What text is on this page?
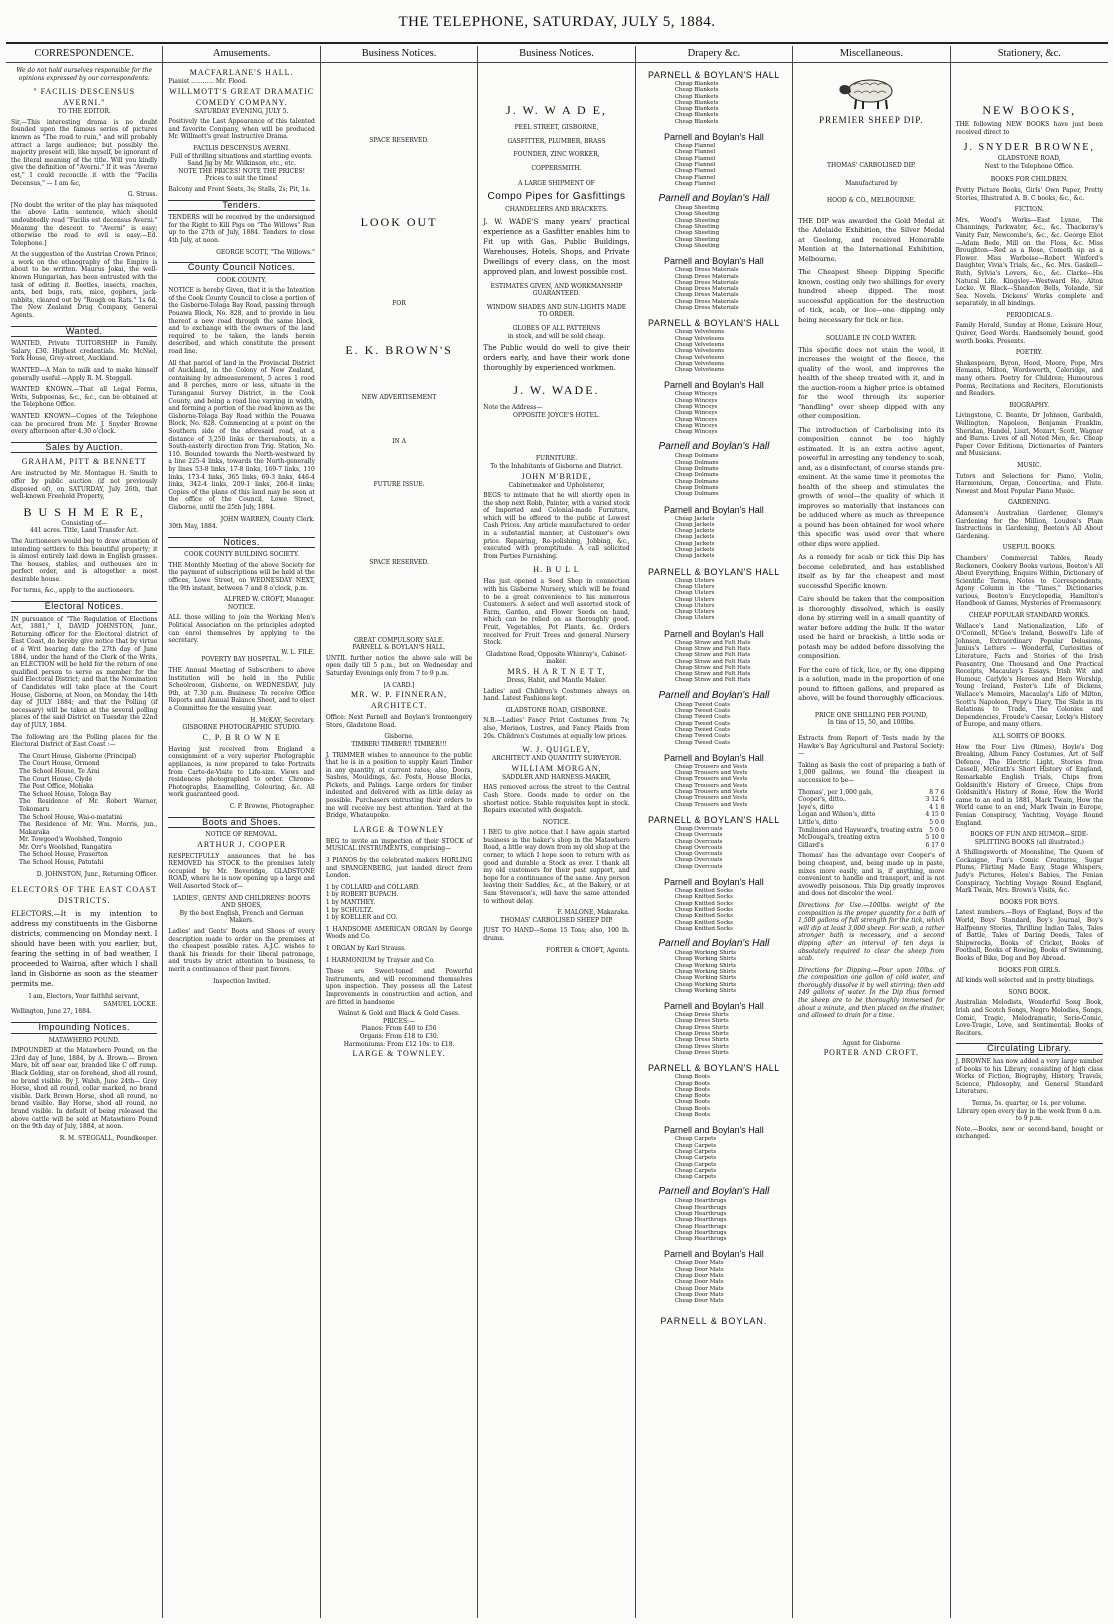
THE TELEPHONE, SATURDAY, JULY 5, 1884.
CORRESPONDENCE.
We do not hold ourselves responsible for the opinions expressed by our correspondents.
" FACILIS DESCENSUS AVERNI."
TO THE EDITOR.
Sir,—This interesting drama is no doubt founded upon the famous series of pictures known as "The road to ruin," and will probably attract a large audience; but possibly the majority present will, like myself, be ignorant of the literal meaning of the title. Will you kindly give the definition of "Averni." If it was "Averno est," I could reconcile it with the "Facilis Decensus," — I am &c,
G. Struss.
[No doubt the writer of the play has misquoted the above Latin sentence, which should undoubtedly read "Facilis est decensus Averni." Meaning the descent to "Averni" is easy; otherwise the road to evil is easy.—Ed. Telephone.]
At the suggestion of the Austrian Crown Prince, a work on the ethnography of the Empire is about to be written. Maurus Jokai, the well-known Hungarian, has been entrusted with the task of editing it. Beetles, insects, roaches, ants, bed bugs, rats, mice, gophers, jack-rabbits, cleared out by "Rough on Rats." 1s 6d. The New Zealand Drug Company, General Agents.
Wanted.
WANTED, Private TUITORSHIP in Family. Salary, £30. Highest credentials. Mr. McNiel, York House, Grey-street, Auckland.
WANTED—A Man to milk and to make himself generally useful.—Apply R. M. Steggall.
WANTED KNOWN.—That all Legal Forms, Writs, Subpoenas, &c., &c., can be obtained at the Telephone Office.
WANTED KNOWN—Copies of the Telephone can be procured from Mr. J. Snyder Browne every afternoon after 4.30 o'clock.
Sales by Auction.
GRAHAM, PITT & BENNETT
Are instructed by Mr. Montague H. Smith to offer by public auction (if not previously disposed of), on SATURDAY, July 26th, that well-known Freehold Property,
B U S H M E R E,
Consisting of—
441 acres. Title, Land Transfer Act.
The Auctioneers would beg to draw attention of intending settlers to this beautiful property; it is almost entirely laid down in English grasses. The houses, stables, and outhouses are in perfect order, and is altogether a most desirable house.
For terms, &c., apply to the auctioneers.
Electoral Notices.
IN pursuance of "The Regulation of Elections Act, 1881," I, DAVID JOHNSTON, Junr., Returning officer for the Electoral district of East Coast, do hereby give notice that by virtue of a Writ bearing date the 27th day of June 1884, under the hand of the Clerk of the Writs, an ELECTION will be held for the return of one qualified person to serve as member for the said Electoral District; and that the Nomination of Candidates will take place at the Court House, Gisborne, at Noon, on Monday, the 14th day of JULY 1884; and that the Polling (if necessary) will be taken at the several polling places of the said District on Tuesday the 22nd day of JULY, 1884.
The following are the Polling places for the Electoral District of East Coast :—
The Court House, Gisborne (Principal)
The Court House, Ormond
The School House, Te Arai
The Court House, Clyde
The Post Office, Mohaka
The School House, Tologa Bay
The Residence of Mr. Robert Warner, Tokomaru
The School House, Wai-o-matatini
The Residence of Mr. Wm. Morris, jun., Makaraka
Mr. Towgood's Woolshed, Tongoio
Mr. Orr's Woolshed, Rangatira
The School House, Fraserton
The School House, Patutahi
D. JOHNSTON, Junr., Returning Officer.
ELECTORS OF THE EAST COAST DISTRICTS.
ELECTORS,—It is my intention to address my constituents in the Gisborne districts, commencing on Monday next. I should have been with you earlier, but, fearing the setting in of bad weather, I proceeded to Wairoa, after which I shall land in Gisborne as soon as the steamer permits me.
I am, Electors, Your faithful servant,
SAMUEL LOCKE.
Wellington, June 27, 1884.
Impounding Notices.
MATAWHERO POUND.
IMPOUNDED at the Matawhero Pound, on the 23rd day of June, 1884, by A. Brown.— Brown Mare, bit off near ear, branded like C off rump. Black Gelding, star on forehead, shod all round, no brand visible. By J. Walsh, June 24th— Grey Horse, shod all round, collar marked, no brand visible. Dark Brown Horse, shod all round, no brand visible. Bay Horse, shod all round, no brand visible. In default of being released the above cattle will be sold at Matawhero Pound on the 9th day of July, 1884, at noon.
R. M. STEGGALL, Poundkeeper.
Amusements.
MACFARLANE'S HALL.
Pianist ............ Mr. Flood.
WILLMOTT'S GREAT DRAMATIC COMEDY COMPANY.
SATURDAY EVENING, JULY 5.
Positively the Last Appearance of this talented and favorite Company, when will be produced Mr. Willmott's great Instructive Drama.
FACILIS DESCENSUS AVERNI.
Full of thrilling situations and startling events.
Sand Jig by Mr. Wilkinson, etc., etc.
NOTE THE PRICES! NOTE THE PRICES!
Prices to suit the times!
Balcony and Front Seats, 3s; Stalls, 2s; Pit, 1s.
Tenders.
TENDERS will be received by the undersigned for the Right to Kill Pigs on "The Willows" Run up to the 27th of July, 1884. Tenders to close 4th July, at noon.
GEORGE SCOTT, "The Willows."
County Council Notices.
COOK COUNTY.
NOTICE is hereby Given, that it is the Intention of the Cook County Council to close a portion of the Gisborne-Tolaga Bay Road, passing through Pouawa Block, No. 828, and to provide in lieu thereof a new road through the same block, and to exchange with the owners of the land required to be taken, the lands herein described, and which constitute the present road line.
All that parcel of land in the Provincial District of Auckland, in the Colony of New Zealand, containing by admeasurement, 5 acres 1 rood and 8 perches, more or less, situate in the Turanganui Survey District, in the Cook County, and being a road line varying in width, and forming a portion of the road known as the Gisborne-Tolaga Bay Road within the Pouawa Block, No. 828. Commencing at a point on the Southern side of the aforesaid road, at a distance of 3,250 links or thereabouts, in a South-easterly direction from Trig. Station, No. 110. Bounded towards the North-westward by a line 225-4 links, towards the North-generally by lines 53-8 links, 17-8 links, 169-7 links, 110 links, 173-4 links, 365 links, 69-3 links, 446-4 links, 342-4 links, 209-1 links, 266-8 links; Copies of the plans of this land may be seen at the office of the Council, Lowe Street, Gisborne, until the 25th July, 1884.
JOHN WARREN, County Clerk.
30th May, 1884.
Notices.
COOK COUNTY BUILDING SOCIETY.
THE Monthly Meeting of the above Society for the payment of subscriptions will be held at the offices, Lowe Street, on WEDNESDAY NEXT, the 9th instant, between 7 and 8 o'clock, p.m.
ALFRED W. CROFT, Manager.
NOTICE.
ALL those willing to join the Working Men's Political Association on the principles adopted can enrol themselves by applying to the secretary.
W. L. FILE.
POVERTY BAY HOSPITAL.
THE Annual Meeting of Subscribers to above Institution will be held in the Public Schoolroom, Gisborne, on WEDNESDAY, July 9th, at 7.30 p.m. Business: To receive Office Reports and Annual Balance Sheet, and to elect a Committee for the ensuing year.
H. McKAY, Secretary.
GISBORNE PHOTOGRAPHIC STUDIO.
C. P. B R O W N E
Having just received from England a consignment of a very superior Photographic appliances, is now prepared to take Portraits from Carte-de-Visite to Life-size. Views and residences photographed to order. Chromo-Photographs, Enamelling, Colouring, &c. All work guaranteed good.
C. P. Browne, Photographer.
Boots and Shoes.
NOTICE OF REMOVAL.
ARTHUR J. COOPER
RESPECTFULLY announces that he has REMOVED his STOCK to the premises lately occupied by Mr. Beveridge, GLADSTONE ROAD, where he is now opening up a large and Well Assorted Stock of—
LADIES', GENTS' AND CHILDRENS' BOOTS AND SHOES,
By the best English, French and German Makers.
Ladies' and Gents' Boots and Shoes of every description made to order on the premises at the cheapest possible rates. A.J.C. wishes to thank his friends for their liberal patronage, and trusts by strict attention to business, to merit a continuance of their past favors.
Inspection Invited.
Business Notices.
SPACE RESERVED.
LOOK OUT
FOR
E. K. BROWN'S
NEW ADVERTISEMENT
IN A
FUTURE ISSUE.
SPACE RESERVED.
GREAT COMPULSORY SALE.
PARNELL & BOYLAN'S HALL.
UNTIL further notice the above sale will be open daily till 5 p.m., but on Wednesday and Saturday Evenings only from 7 to 9 p.m.
[A CARD.]
MR. W. P. FINNERAN, ARCHITECT.
Office: Next Parnell and Boylan's Ironmongery Store, Gladstone Road.
Gisborne.
TIMBER! TIMBER!! TIMBER!!!
J. TRIMMER wishes to announce to the public that he is in a position to supply Kauri Timber in any quantity, at current rates; also, Doors, Sashes, Mouldings, &c. Posts, House Blocks, Pickets, and Palings. Large orders for timber indented and delivered with as little delay as possible. Purchasers entrusting their orders to me will receive my best attention. Yard at the Bridge, Whataupoko.
LARGE & TOWNLEY
BEG to invite an inspection of their STOCK of MUSICAL INSTRUMENTS, comprising—
3 PIANOS by the celebrated makers HORLING and SPANGENBERG, just landed direct from London.
1 by COLLARD and COLLARD.
1 by ROBERT BUPACH.
1 by MANTHEY.
1 by SCHULTZ.
1 by KOELLER and CO.
1 HANDSOME AMERICAN ORGAN by George Woods and Co.
1 ORGAN by Karl Strauss.
1 HARMONIUM by Trayser and Co.
These are Sweet-toned and Powerful Instruments, and will recommend themselves upon inspection. They possess all the Latest Improvements in construction and action, and are fitted in handsome
Walnut & Gold and Black & Gold Cases.
PRICES:—
Pianos: From £40 to £56
Organs: From £18 to £30.
Harmoniums: From £12 10s. to £18.
LARGE & TOWNLEY.
Business Notices.
J. W. W A D E,
PEEL STREET, GISBORNE,
GASFITTER, PLUMBER, BRASS
FOUNDER, ZINC WORKER,
COPPERSMITH.
A LARGE SHIPMENT OF
Compo Pipes for Gasfittings
CHANDELIERS AND BRACKETS.
J. W. WADE'S many years' practical experience as a Gasfitter enables him to Fit up with Gas, Public Buildings, Warehouses, Hotels, Shops, and Private Dwellings of every class, on the most approved plan, and lowest possible cost.
ESTIMATES GIVEN, AND WORKMANSHIP GUARANTEED.
WINDOW SHADES AND SUN-LIGHTS MADE TO ORDER.
GLOBES OF ALL PATTERNS
in stock, and will be sold cheap.
The Public would do well to give their orders early, and have their work done thoroughly by experienced workmen.
J. W. WADE.
Note the Address—
OPPOSITE JOYCE'S HOTEL.
FURNITURE.
To the Inhabitants of Gisborne and District.
JOHN M'BRIDE,
Cabinetmaker and Upholsterer,
BEGS to intimate that he will shortly open in the shop next Robb, Painter, with a varied stock of Imported and Colonial-made Furniture, which will be offered to the public at Lowest Cash Prices. Any article manufactured to order in a substantial manner, at Customer's own price. Repairing, Re-polishing, Jobbing, &c., executed with promptitude. A call solicited from Parties Furnishing.
H. B U L L
Has just opened a Seed Shop in connection with his Gisborne Nursery, which will be found to be a great convenience to his numerous Customers. A select and well assorted stock of Farm, Garden, and Flower Seeds on hand, which can be relied on as thoroughly good. Fruit, Vegetables, Pot Plants, &c. Orders received for Fruit Trees and general Nursery Stock.
Gladstone Road, Opposite Whinray's, Cabinet-maker.
MRS. H A R T N E T T,
Dress, Habit, and Mantle Maker.
Ladies' and Children's Costumes always on hand. Latest Fashions kept.
GLADSTONE ROAD, GISBORNE.
N.B.—Ladies' Fancy Print Costumes from 7s; also, Merinos, Lustres, and Fancy Plaids from 20s. Children's Costumes at equally low prices.
W. J. QUIGLEY,
ARCHITECT AND QUANTITY SURVEYOR.
WILLIAM MORGAN,
SADDLER AND HARNESS-MAKER,
HAS removed across the street to the Central Cash Store. Goods made to order on the shortest notice. Stable requisites kept in stock. Repairs executed with despatch.
NOTICE.
I BEG to give notice that I have again started business in the baker's shop in the Matawhero Road, a little way down from my old shop at the corner, to which I hope soon to return with as good and durable a Stock as ever. I thank all my old customers for their past support, and hope for a continuance of the same. Any person leaving their Saddles, &c., at the Bakery, or at Sam Stevenson's, will have the same attended to without delay.
F. MALONE, Makaraka.
THOMAS' CARBOLISED SHEEP DIP.
JUST TO HAND—Some 15 Tons; also, 100 lb. drums.
FORTER & CROFT, Agents.
Drapery &c.
PARNELL & BOYLAN'S HALL
Cheap Blankets
Cheap Blankets
Cheap Blankets
Cheap Blankets
Cheap Blankets
Cheap Blankets
Cheap Blankets
Parnell and Boylan's Hall
Cheap Flannel
Cheap Flannel
Cheap Flannel
Cheap Flannel
Cheap Flannel
Cheap Flannel
Cheap Flannel
Parnell and Boylan's Hall
Cheap Sheeting
Cheap Sheeting
Cheap Sheeting
Cheap Sheeting
Cheap Sheeting
Cheap Sheeting
Cheap Sheeting
Parnell and Boylan's Hall
Cheap Dress Materials
Cheap Dress Materials
Cheap Dress Materials
Cheap Dress Materials
Cheap Dress Materials
Cheap Dress Materials
Cheap Dress Materials
PARNELL & BOYLAN'S HALL
Cheap Velveteens
Cheap Velveteens
Cheap Velveteens
Cheap Velveteens
Cheap Velveteens
Cheap Velveteens
Cheap Velveteens
Parnell and Boylan's Hall
Cheap Winceys
Cheap Winceys
Cheap Winceys
Cheap Winceys
Cheap Winceys
Cheap Winceys
Cheap Winceys
Parnell and Boylan's Hall
Cheap Dolmans
Cheap Dolmans
Cheap Dolmans
Cheap Dolmans
Cheap Dolmans
Cheap Dolmans
Cheap Dolmans
Parnell and Boylan's Hall
Cheap Jackets
Cheap Jackets
Cheap Jackets
Cheap Jackets
Cheap Jackets
Cheap Jackets
Cheap Jackets
PARNELL & BOYLAN'S HALL
Cheap Ulsters
Cheap Ulsters
Cheap Ulsters
Cheap Ulsters
Cheap Ulsters
Cheap Ulsters
Cheap Ulsters
Parnell and Boylan's Hall
Cheap Straw and Felt Hats
Cheap Straw and Felt Hats
Cheap Straw and Felt Hats
Cheap Straw and Felt Hats
Cheap Straw and Felt Hats
Cheap Straw and Felt Hats
Cheap Straw and Felt Hats
Parnell and Boylan's Hall
Cheap Tweed Coats
Cheap Tweed Coats
Cheap Tweed Coats
Cheap Tweed Coats
Cheap Tweed Coats
Cheap Tweed Coats
Cheap Tweed Coats
Parnell and Boylan's Hall
Cheap Trousers and Vests
Cheap Trousers and Vests
Cheap Trousers and Vests
Cheap Trousers and Vests
Cheap Trousers and Vests
Cheap Trousers and Vests
Cheap Trousers and Vests
PARNELL & BOYLAN'S HALL
Cheap Overcoats
Cheap Overcoats
Cheap Overcoats
Cheap Overcoats
Cheap Overcoats
Cheap Overcoats
Cheap Overcoats
Parnell and Boylan's Hall
Cheap Knitted Socks
Cheap Knitted Socks
Cheap Knitted Socks
Cheap Knitted Socks
Cheap Knitted Socks
Cheap Knitted Socks
Cheap Knitted Socks
Parnell and Boylan's Hall
Cheap Working Shirts
Cheap Working Shirts
Cheap Working Shirts
Cheap Working Shirts
Cheap Working Shirts
Cheap Working Shirts
Cheap Working Shirts
Parnell and Boylan's Hall
Cheap Dress Shirts
Cheap Dress Shirts
Cheap Dress Shirts
Cheap Dress Shirts
Cheap Dress Shirts
Cheap Dress Shirts
Cheap Dress Shirts
PARNELL & BOYLAN'S HALL
Cheap Boots
Cheap Boots
Cheap Boots
Cheap Boots
Cheap Boots
Cheap Boots
Cheap Boots
Parnell and Boylan's Hall
Cheap Carpets
Cheap Carpets
Cheap Carpets
Cheap Carpets
Cheap Carpets
Cheap Carpets
Cheap Carpets
Parnell and Boylan's Hall
Cheap Hearthrugs
Cheap Hearthrugs
Cheap Hearthrugs
Cheap Hearthrugs
Cheap Hearthrugs
Cheap Hearthrugs
Cheap Hearthrugs
Parnell and Boylan's Hall
Cheap Door Mats
Cheap Door Mats
Cheap Door Mats
Cheap Door Mats
Cheap Door Mats
Cheap Door Mats
Cheap Door Mats
PARNELL & BOYLAN.
Miscellaneous.
PREMIER SHEEP DIP.
THOMAS' CARBOLISED DIP.
Manufactured by
HOOD & CO., MELBOURNE.
THE DIP was awarded the Gold Medal at the Adelaide Exhibition, the Silver Medal at Geelong, and received Honorable Mention at the International Exhibition, Melbourne.
The Cheapest Sheep Dipping Specific known, costing only two shillings for every hundred sheep dipped. The most successful application for the destruction of tick, scab, or lice—one dipping only being necessary for tick or lice.
SOLUABLE IN COLD WATER.
This specific does not stain the wool, it increases the weight of the fleece, the quality of the wool, and improves the health of the sheep treated with it, and in the auction-room a higher price is obtained for the wool through its superior "handling" over sheep dipped with any other composition.
The introduction of Carbolising into its composition cannot be too highly estimated. It is an extra active agent, powerful in arresting any tendency to scab, and, as a disinfectant, of course stands pre-eminent. At the same time it promotes the health of the sheep and stimulates the growth of wool—the quality of which it improves so materially that instances can be adduced where as much as threepence a pound has been obtained for wool where this specific was used over that where other dips were applied.
As a remedy for scab or tick this Dip has become celebrated, and has established itself as by far the cheapest and most successful Specific known.
Care should be taken that the composition is thoroughly dissolved, which is easily done by stirring well in a small quantity of water before adding the bulk. If the water used be hard or brackish, a little soda or potash may be added before dissolving the composition.
For the cure of tick, lice, or fly, one dipping is a solution, made in the proportion of one pound to fifteen gallons, and prepared as above, will be found thoroughly efficacious.
PRICE ONE SHILLING PER POUND,
In tins of 15, 50, and 100lbs.
Extracts from Report of Tests made by the Hawke's Bay Agricultural and Pastoral Society:—
Taking as basis the cost of preparing a bath of 1,000 gallons, we found the cheapest in succession to be—
Thomas', per 1,000 gals,	8 7 6
Cooper's, ditto..	3 12 6
Jeye's, ditto	4 1 8
Logan and Wilson's, ditto	4 15 0
Little's, ditto	5 0 0
Tomlinson and Hayward's, treating extra 5 0 0
McDougal's, treating extra	5 10 0
Gillard's	6 17 0
Thomas' has the advantage over Cooper's of being cheapest, and, being made up in paste, mixes more easily, and is, if anything, more convenient to handle and transport, and is not avowedly poisonous. This Dip greatly improves and does not discolor the wool.
Directions for Use.—100lbs. weight of the composition is the proper quantity for a bath of 1,500 gallons of full strength for the tick, which will dip at least 3,000 sheep. For scab, a rather stronger bath is necessary, and a second dipping after an interval of ten days is absolutely required to clear the sheep from scab.
Directions for Dipping.—Pour upon 10lbs. of the composition one gallon of cold water, and thoroughly dissolve it by well stirring; then add 149 gallons of water. In the Dip thus formed the sheep are to be thoroughly immersed for about a minute, and then placed on the drainer, and allowed to drain for a time.
Agent for Gisborne
PORTER AND CROFT.
Stationery, &c.
NEW BOOKS,
THE following NEW BOOKS have just been received direct to
J. SNYDER BROWNE,
GLADSTONE ROAD,
Next to the Telephone Office.
BOOKS FOR CHILDREN.
Pretty Picture Books, Girls' Own Paper, Pretty Stories, Illustrated A. B. C books, &c., &c.
FICTION.
Mrs. Wood's Works—East Lynne, The Channings, Parkwater, &c., &c. Thackeray's Vanity Fair, Newcombe's, &c., &c. George Eliot—Adam Bede, Mill on the Floss, &c. Miss Broughton—Red as a Rose, Cometh up as a Flower. Miss Warboise—Robert Winford's Daughter, Vivia's Trials, &c., &c. Mrs. Gaskell—Ruth, Sylvia's Lovers, &c., &c. Clarke—His Natural Life. Kingsley—Westward Ho, Alton Locke. W. Black—Shandon Bells, Yolande, Sir Sea. Novels. Dickens' Works complete and separately, in all bindings.
PERIODICALS.
Family Herald, Sunday at Home, Leisure Hour, Quiver, Good Words. Handsomely bound, good worth books. Presents.
POETRY.
Shakespeare, Byron, Hood, Moore, Pope, Mrs Hemans, Milton, Wordsworth, Coleridge, and many others. Poetry for Children; Humourous Poems, Recitations and Reciters, Elocutionists and Readers.
BIOGRAPHY.
Livingstone, C. Beante, Dr Johnson, Garibaldi, Wellington, Napoleon, Benjamin Franklin, Sheridan, Handel, Liszt, Mozart, Scott, Wagner and Burns. Lives of all Noted Men, &c. Cheap Paper Cover Editions, Dictionaries of Painters and Musicians.
MUSIC.
Tutors and Selections for Piano, Violin, Harmonium, Organ, Concertina, and Flute. Newest and Most Popular Piano Music.
GARDENING.
Adamson's Australian Gardener, Glenny's Gardening for the Million, Loudon's Plain Instructions in Gardening, Beeton's All About Gardening.
USEFUL BOOKS.
Chambers' Commercial Tables, Ready Reckoners, Cookery Books various, Beeton's All About Everything, Enquire Within, Dictionary of Scientific Terms, Notes to Correspondents, Agony Column in the "Times," Dictionaries various, Beeton's Encyclopedia, Hamilton's Handbook of Games, Mysteries of Freemasonry.
CHEAP POPULAR STANDARD WORKS.
Wallace's Land Nationalization, Life of O'Connell, M'Gee's Ireland, Boswell's Life of Johnson, Extraordinary Popular Delusions, Junius's Letters — Wonderful, Curiosities of Literature, Facts and Stories of the Irish Peasantry, One Thousand and One Practical Receipts, Macaulay's Essays, Irish Wit and Humour, Carlyle's Heroes and Hero Worship, Young Ireland, Foster's Life of Dickens, Wallace's Memoirs, Macaulay's Life of Milton, Scott's Napoleon, Pepy's Diary, The Slate in its Relations to Trade, The Colonies and Dependencies, Froude's Caesar, Lecky's History of Europe, and many others.
ALL SORTS OF BOOKS.
How the Four Live (Rimes), Hoyle's Dog Breaking, Album Fancy Costumes, Art of Self Defence, The Electric Light, Stories from Cassell, McGrath's Short History of England, Remarkable English Trials, Chips from Goldsmith's History of Greece, Chips from Goldsmith's History of Rome, How the World came to an end in 1881, Mark Twain, How the World came to an end, Mark Twain in Europe, Fenian Conspiracy, Yachting, Voyage Round England.
BOOKS OF FUN AND HUMOR—SIDE-SPLITTING BOOKS (all illustrated.)
A Shillingsworth of Moonshine, The Queen of Cockaigne, Fun's Comic Creatures, Sugar Plums, Flirting Made Easy, Stage Whispers, Judy's Pictures, Helen's Babies, The Fenian Conspiracy, Yachting Voyage Round England, Mark Twain, Mrs. Brown's Visits, &c.
BOOKS FOR BOYS.
Latest numbers.—Boys of England, Boys of the World, Boys' Standard, Boy's Journal, Boy's Halfpenny Stories, Thrilling Indian Tales, Tales of Battle, Tales of Daring Deeds, Tales of Shipwrecks, Books of Cricket, Books of Football, Books of Rowing, Books of Swimming, Books of Bike, Dog and Boy Abroad.
BOOKS FOR GIRLS.
All kinds well selected and in pretty bindings.
SONG BOOK.
Australian Melodists, Wonderful Song Book, Irish and Scotch Songs, Negro Melodies, Songs, Comic, Tragic, Melodramatic, Serio-Comic, Love-Tragic, Love, and Sentimental; Books of Reciters.
Circulating Library.
J. BROWNE has now added a very large number of books to his Library, consisting of high class Works of Fiction, Biography, History, Travels, Science, Philosophy, and General Standard Literature.
Terms, 5s. quarter, or 1s. per volume.
Library open every day in the week from 8 a.m. to 9 p.m.
Note.—Books, new or second-hand, bought or exchanged.
